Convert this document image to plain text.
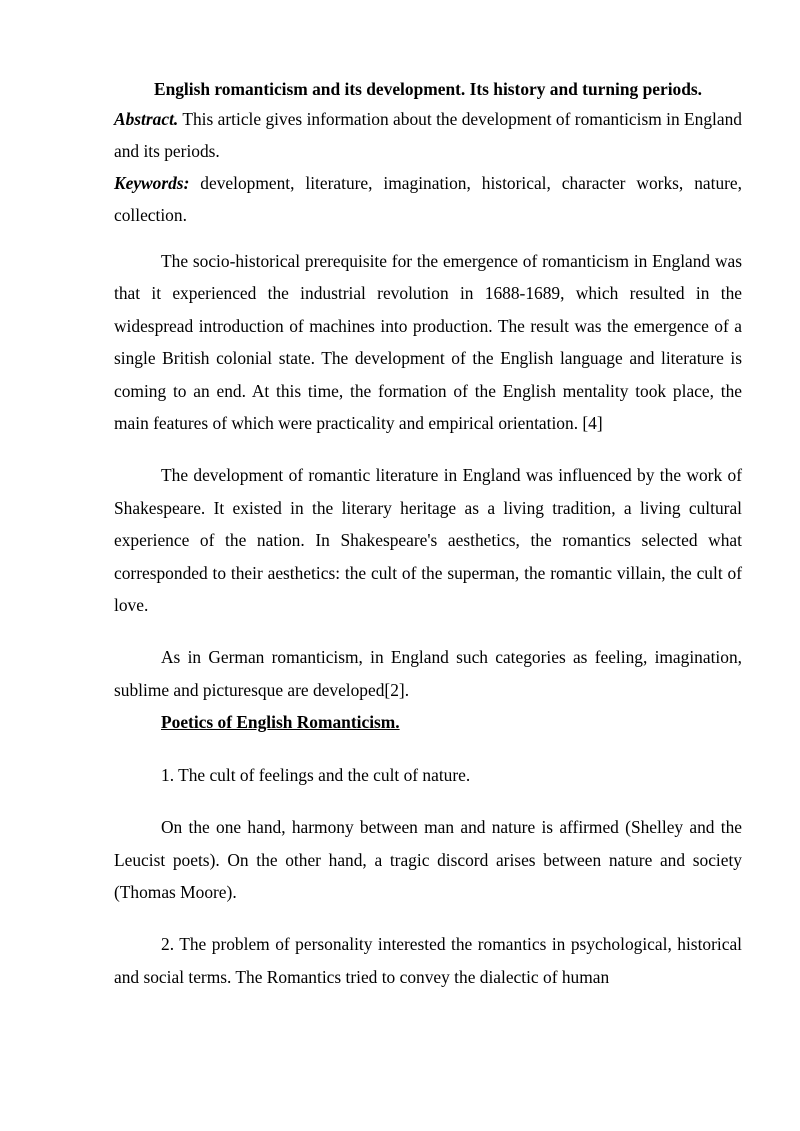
English romanticism and its development. Its history and turning periods.

Abstract. This article gives information about the development of romanticism in England and its periods.

Keywords: development, literature, imagination, historical, character works, nature, collection.

The socio-historical prerequisite for the emergence of romanticism in England was that it experienced the industrial revolution in 1688-1689, which resulted in the widespread introduction of machines into production. The result was the emergence of a single British colonial state. The development of the English language and literature is coming to an end. At this time, the formation of the English mentality took place, the main features of which were practicality and empirical orientation. [4]

The development of romantic literature in England was influenced by the work of Shakespeare. It existed in the literary heritage as a living tradition, a living cultural experience of the nation. In Shakespeare's aesthetics, the romantics selected what corresponded to their aesthetics: the cult of the superman, the romantic villain, the cult of love.

As in German romanticism, in England such categories as feeling, imagination, sublime and picturesque are developed[2].

Poetics of English Romanticism.

1. The cult of feelings and the cult of nature.

On the one hand, harmony between man and nature is affirmed (Shelley and the Leucist poets). On the other hand, a tragic discord arises between nature and society (Thomas Moore).

2. The problem of personality interested the romantics in psychological, historical and social terms. The Romantics tried to convey the dialectic of human
